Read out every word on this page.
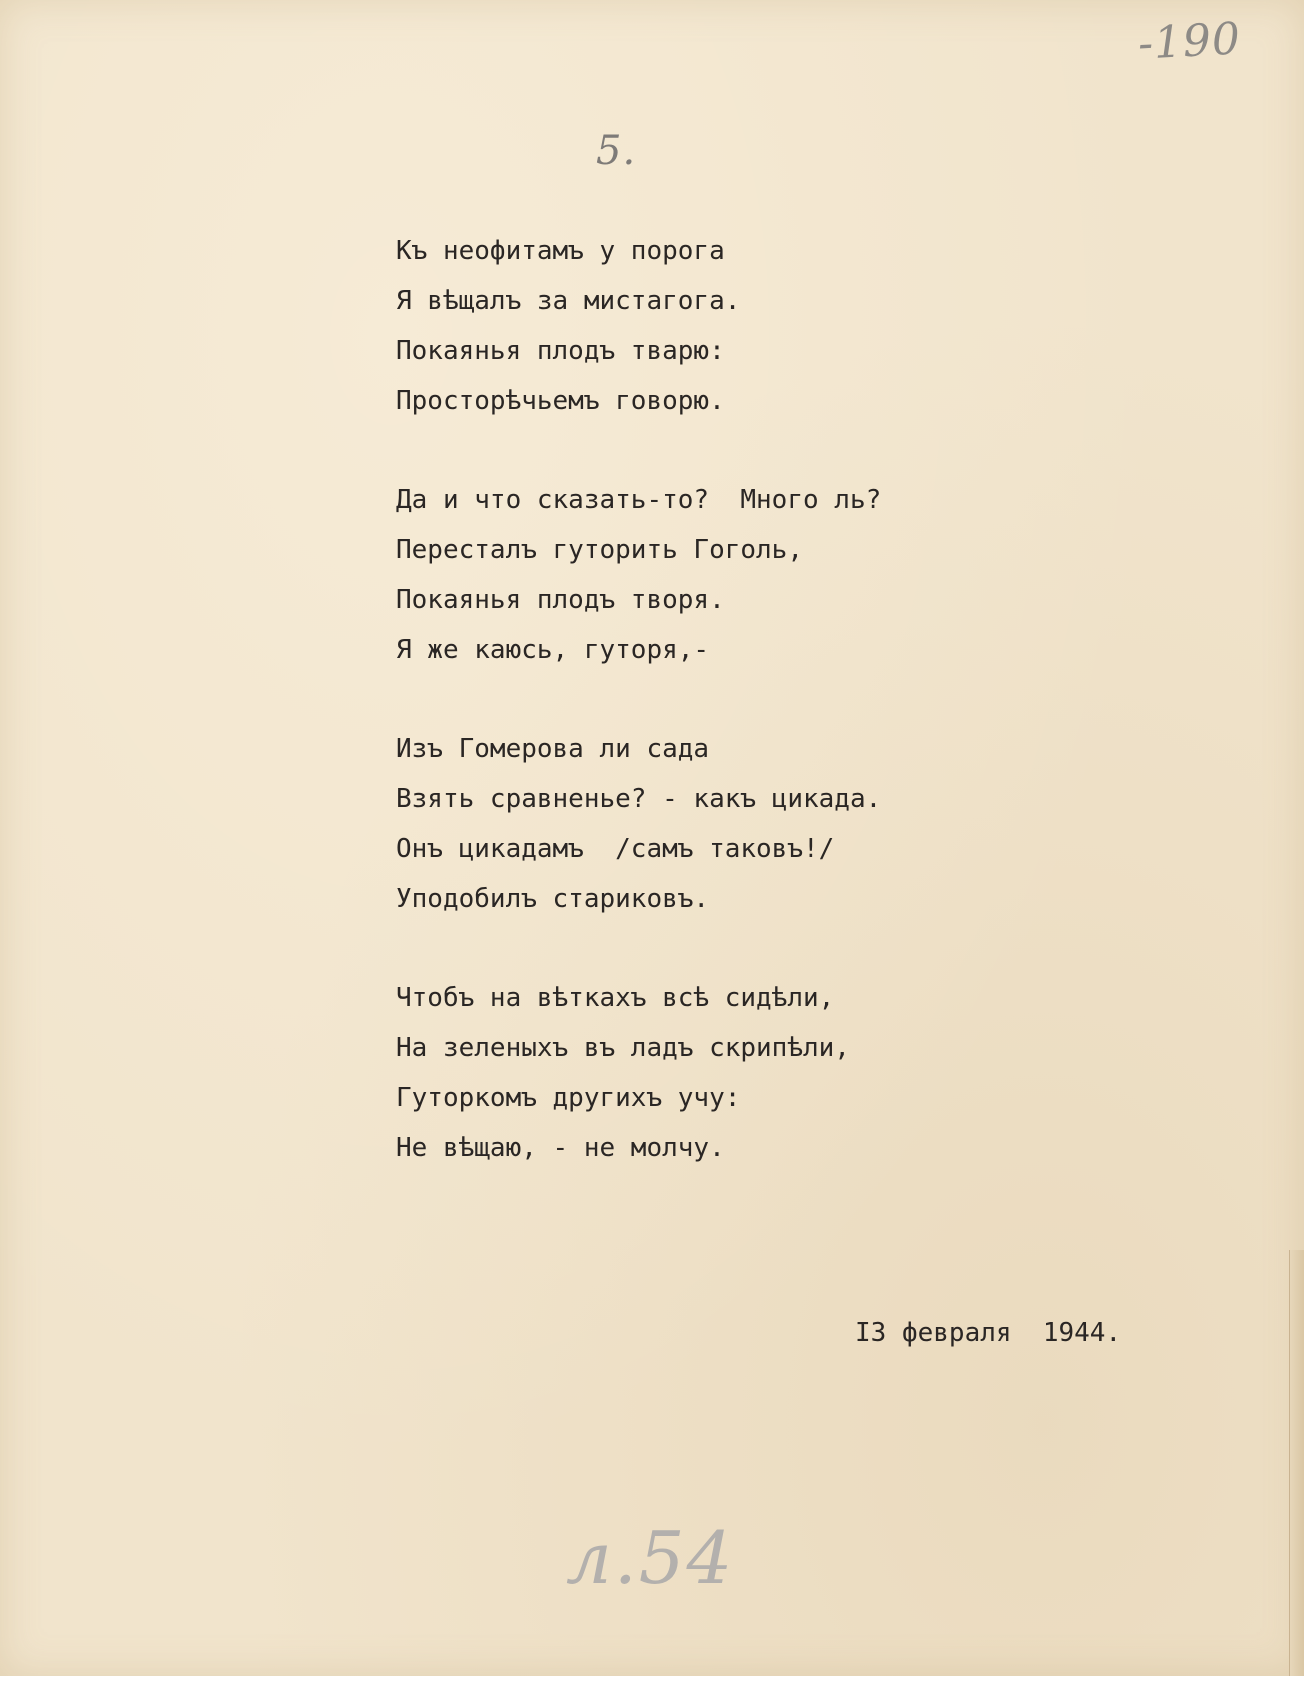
-190
5.
Къ неофитамъ у порога
Я вѣщалъ за мистагога.
Покаянья плодъ тварю:
Просторѣчьемъ говорю.
Да и что сказать-то?  Много ль?
Пересталъ гуторить Гоголь,
Покаянья плодъ творя.
Я же каюсь, гуторя,-
Изъ Гомерова ли сада
Взять сравненье? - какъ цикада.
Онъ цикадамъ  /самъ таковъ!/
Уподобилъ стариковъ.
Чтобъ на вѣткахъ всѣ сидѣли,
На зеленыхъ въ ладъ скрипѣли,
Гуторкомъ другихъ учу:
Не вѣщаю, - не молчу.
I3 февраля  1944.
л.54
